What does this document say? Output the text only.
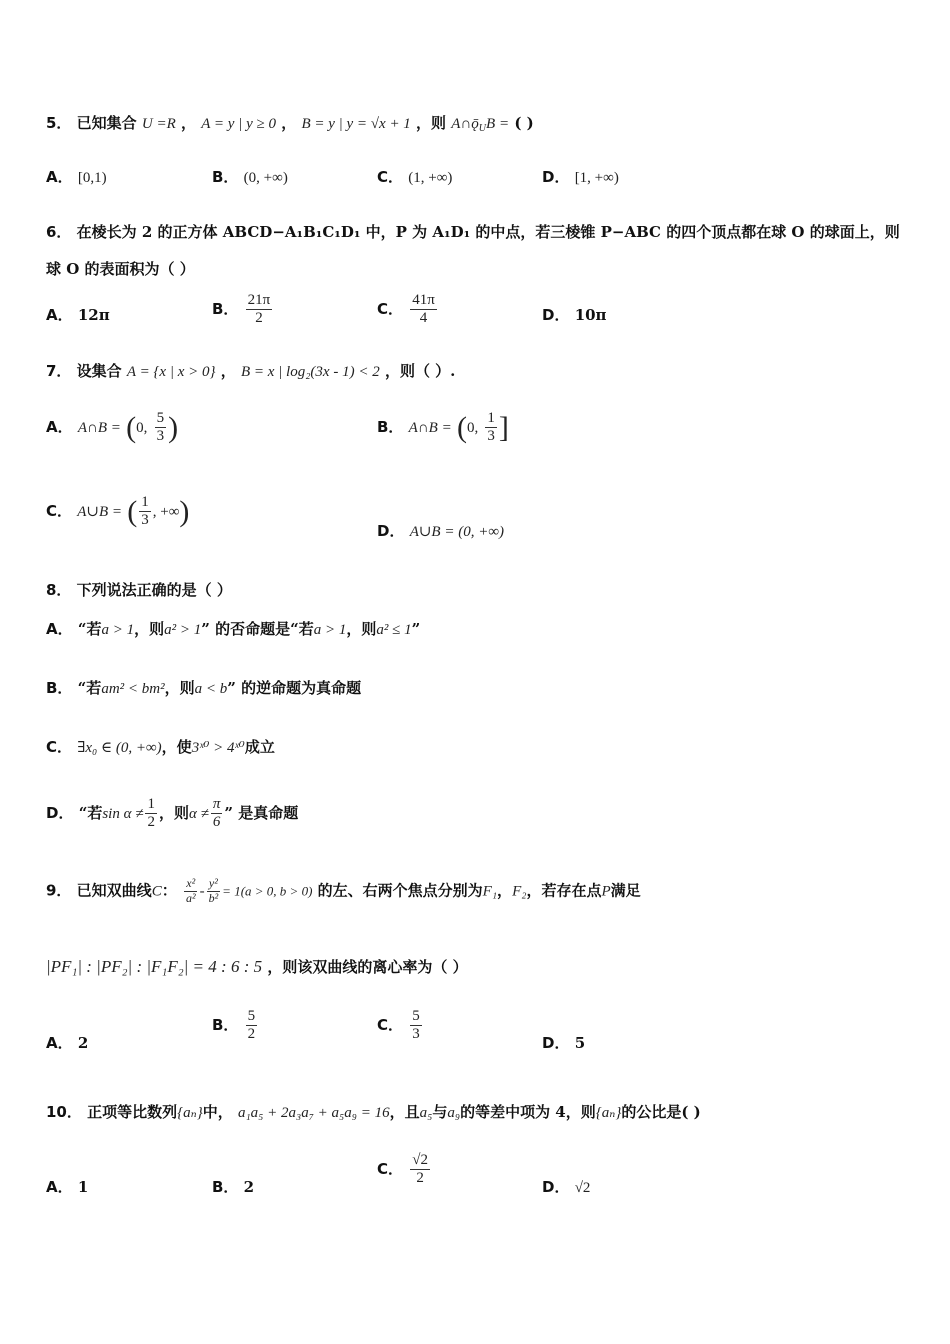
5． 已知集合 U =R ， A = y | y ≥ 0 ， B = y | y = √x + 1 ，则 $A\cap ǭ_UB$ = ( )
A． [0,1)	B． (0, +∞)	C． (1, +∞)	D． [1, +∞)
6． 在棱长为 2 的正方体 ABCD−A₁B₁C₁D₁ 中，P 为 A₁D₁ 的中点，若三棱锥 P−ABC 的四个顶点都在球 O 的球面上，则
球 O 的表面积为（ ）
A． 12π	B． $\frac{21\pi}{2}$	C． $\frac{41\pi}{4}$	D． 10π
7． 设集合 A = {x | x > 0} ， B = x | log₂(3x - 1) < 2 ，则（ ）.
A． A∩B = (0, $\frac{5}{3}$ )	B． A∩B = (0, $\frac{1}{3}$ ]
C． A∪B = ( $\frac{1}{3}$ , +∞)
D． A∪B = (0, +∞)
8． 下列说法正确的是（ ）
A． “若a > 1，则a² > 1” 的否命题是“若a > 1，则a² ≤ 1”
B． “若am² < bm²，则a < b” 的逆命题为真命题
C． ∃x₀ ∈ (0, +∞)，使3ˣ⁰ > 4ˣ⁰成立
D． “若$\sin \alpha \ne \frac{1}{2}$ ，则$\alpha \ne \frac{\pi}{6}$ ” 是真命题
9． 已知双曲线C： $\frac{\text{x²}}{\text{a²}} - \frac{\text{y²}}{\text{b²}} = 1(a > 0$, b > 0) 的左、右两个焦点分别为F₁，F₂，若存在点P满足
|PF₁| : |PF₂| : |F₁F₂| = 4 : 6 : 5 ，则该双曲线的离心率为（ ）
A． 2
B． $\frac{5}{2}$	C． $\frac{5}{3}$	D． 5
10． 正项等比数列{aₙ}中， a₁a₅ + 2a₃a₇ + a₅a₉ = 16，且a₅与a₉的等差中项为 4，则{aₙ}的公比是( )
A． 1	B． 2
C． $\frac{√2}{2}$	D． √2
